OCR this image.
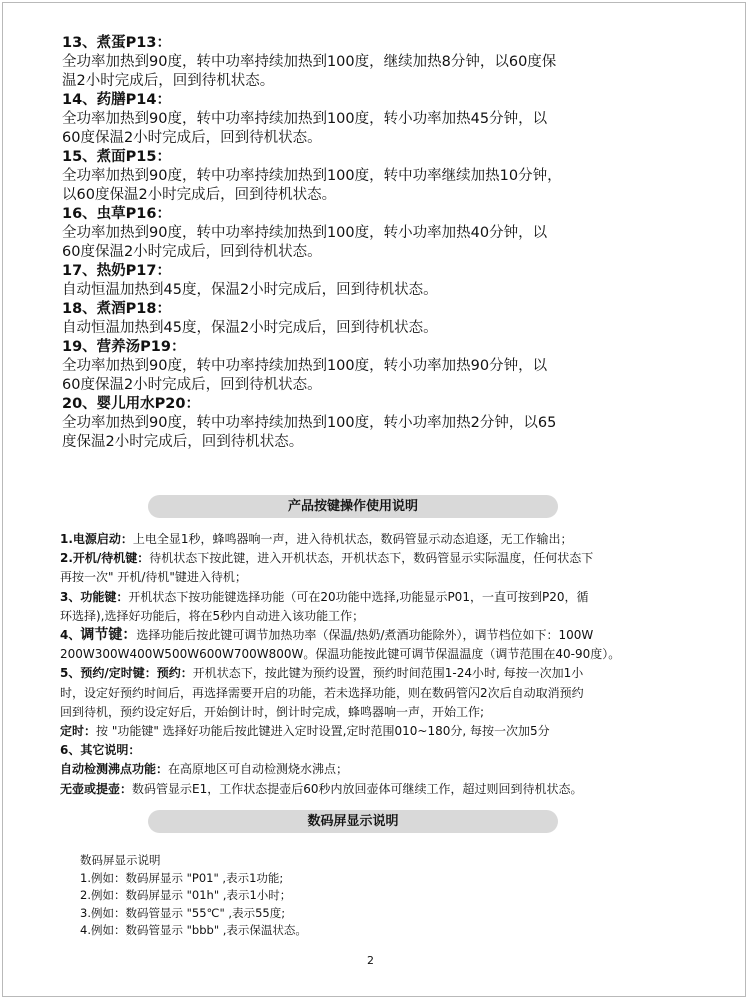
13、煮蛋P13：
全功率加热到90度，转中功率持续加热到100度，继续加热8分钟，以60度保
温2小时完成后，回到待机状态。
14、药膳P14：
全功率加热到90度，转中功率持续加热到100度，转小功率加热45分钟，以
60度保温2小时完成后，回到待机状态。
15、煮面P15：
全功率加热到90度，转中功率持续加热到100度，转中功率继续加热10分钟，
以60度保温2小时完成后，回到待机状态。
16、虫草P16：
全功率加热到90度，转中功率持续加热到100度，转小功率加热40分钟，以
60度保温2小时完成后，回到待机状态。
17、热奶P17：
自动恒温加热到45度，保温2小时完成后，回到待机状态。
18、煮酒P18：
自动恒温加热到45度，保温2小时完成后，回到待机状态。
19、营养汤P19：
全功率加热到90度，转中功率持续加热到100度，转小功率加热90分钟，以
60度保温2小时完成后，回到待机状态。
20、婴儿用水P20：
全功率加热到90度，转中功率持续加热到100度，转小功率加热2分钟，以65
度保温2小时完成后，回到待机状态。
产品按键操作使用说明

1.电源启动：上电全显1秒，蜂鸣器响一声，进入待机状态，数码管显示动态追逐，无工作输出；

2.开机/待机键：待机状态下按此键，进入开机状态，开机状态下，数码管显示实际温度，任何状态下

再按一次" 开机/待机"键进入待机；

3、功能键：开机状态下按功能键选择功能（可在20功能中选择,功能显示P01，一直可按到P20，循

环选择),选择好功能后，将在5秒内自动进入该功能工作；

4、调节键：选择功能后按此键可调节加热功率（保温/热奶/煮酒功能除外），调节档位如下：100W

200W300W400W500W600W700W800W。保温功能按此键可调节保温温度（调节范围在40-90度）。

5、预约/定时键：预约：开机状态下，按此键为预约设置，预约时间范围1-24小时, 每按一次加1小

时，设定好预约时间后，再选择需要开启的功能，若未选择功能，则在数码管闪2次后自动取消预约

回到待机，预约设定好后，开始倒计时，倒计时完成，蜂鸣器响一声，开始工作;

定时：按 "功能键" 选择好功能后按此键进入定时设置,定时范围010~180分, 每按一次加5分

6、其它说明：

自动检测沸点功能：在高原地区可自动检测烧水沸点；

无壶或提壶：数码管显示E1，工作状态提壶后60秒内放回壶体可继续工作，超过则回到待机状态。

数码屏显示说明
数码屏显示说明
1.例如：数码屏显示 "P01" ,表示1功能;
2.例如：数码屏显示 "01h" ,表示1小时；
3.例如：数码管显示 "55℃" ,表示55度;
4.例如：数码管显示 "bbb" ,表示保温状态。
2
